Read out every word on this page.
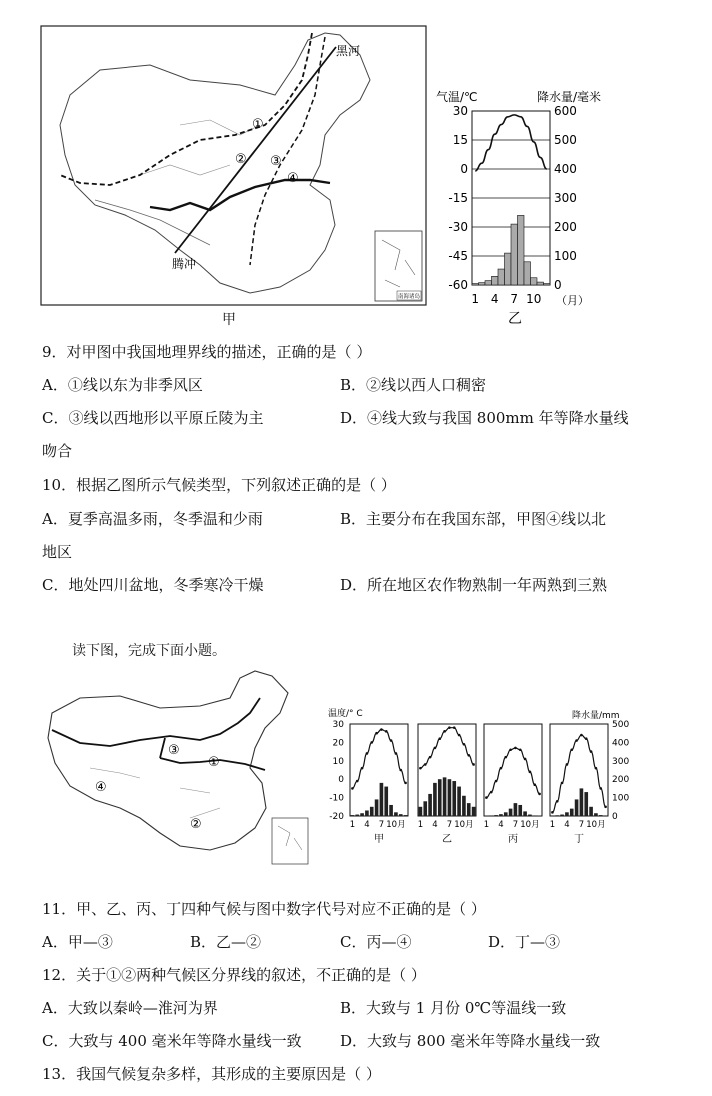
南海诸岛
黑河
腾冲
①
② ③
④
甲
气温/℃	降水量/毫米
30
15
0
-15
-30
-45
-60
600
500
400
300
200
100
0
1 4 7 10 （月）
乙
9．对甲图中我国地理界线的描述，正确的是（ ）
A．①线以东为非季风区	B．②线以西人口稠密
C．③线以西地形以平原丘陵为主	D．④线大致与我国 800mm 年等降水量线
吻合
10．根据乙图所示气候类型，下列叙述正确的是（ ）
A．夏季高温多雨，冬季温和少雨	B．主要分布在我国东部，甲图④线以北
地区
C．地处四川盆地，冬季寒冷干燥	D．所在地区农作物熟制一年两熟到三熟
读下图，完成下面小题。
③
①
④
②
温度/° C	降水量/mm
30
20
10
0
-10
-20
500
400
300
200
100
0
1 4 7 10月
甲
1 4 7 10月
乙
1 4 7 10月
丙
1 4 7 10月
丁
11．甲、乙、丙、丁四种气候与图中数字代号对应不正确的是（ ）
A．甲—③	B．乙—②	C．丙—④	D．丁—③
12．关于①②两种气候区分界线的叙述，不正确的是（ ）
A．大致以秦岭—淮河为界	B．大致与 1 月份 0℃等温线一致
C．大致与 400 毫米年等降水量线一致	D．大致与 800 毫米年等降水量线一致
13．我国气候复杂多样，其形成的主要原因是（ ）
